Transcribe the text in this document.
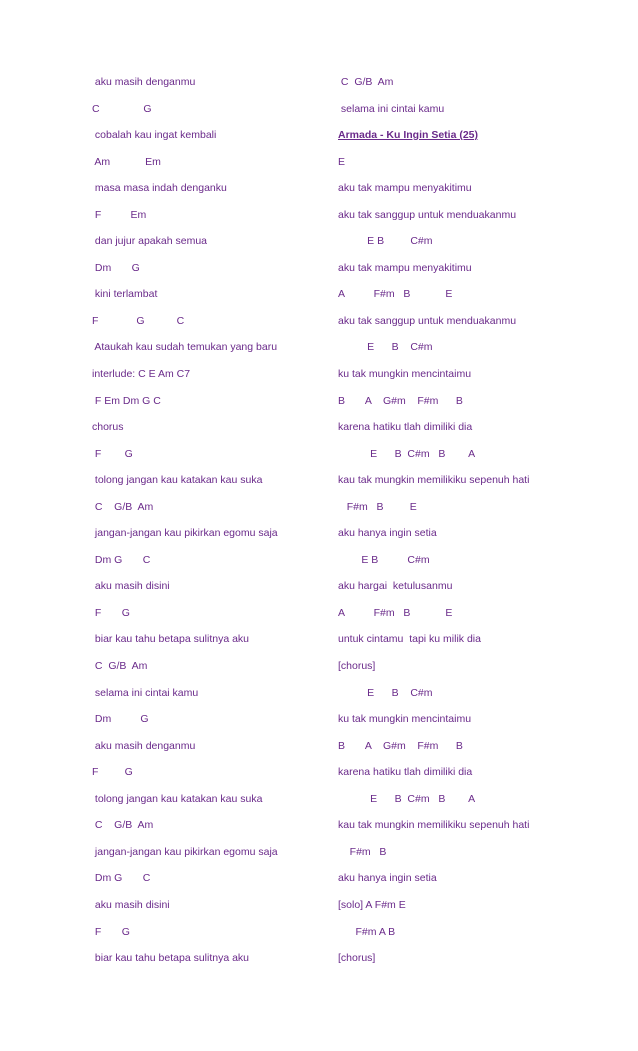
aku masih denganmu
C               G
cobalah kau ingat kembali
Am            Em
masa masa indah denganku
F          Em
dan jujur apakah semua
Dm       G
kini terlambat
F             G           C
Ataukah kau sudah temukan yang baru
interlude: C E Am C7
F Em Dm G C
chorus
F        G
tolong jangan kau katakan kau suka
C    G/B  Am
jangan-jangan kau pikirkan egomu saja
Dm G       C
aku masih disini
F       G
biar kau tahu betapa sulitnya aku
C  G/B  Am
selama ini cintai kamu
Dm          G
aku masih denganmu
F         G
tolong jangan kau katakan kau suka
C    G/B  Am
jangan-jangan kau pikirkan egomu saja
Dm G       C
aku masih disini
F       G
biar kau tahu betapa sulitnya aku
C  G/B  Am
selama ini cintai kamu
Armada - Ku Ingin Setia (25)
E
aku tak mampu menyakitimu
aku tak sanggup untuk menduakanmu
E B         C#m
aku tak mampu menyakitimu
A          F#m   B            E
aku tak sanggup untuk menduakanmu
E      B    C#m
ku tak mungkin mencintaimu
B       A    G#m    F#m      B
karena hatiku tlah dimiliki dia
E      B  C#m   B        A
kau tak mungkin memilikiku sepenuh hati
F#m   B         E
aku hanya ingin setia
E B          C#m
aku hargai  ketulusanmu
A          F#m   B            E
untuk cintamu  tapi ku milik dia
[chorus]
E      B    C#m
ku tak mungkin mencintaimu
B       A    G#m    F#m      B
karena hatiku tlah dimiliki dia
E      B  C#m   B        A
kau tak mungkin memilikiku sepenuh hati
F#m   B
aku hanya ingin setia
[solo] A F#m E
F#m A B
[chorus]
